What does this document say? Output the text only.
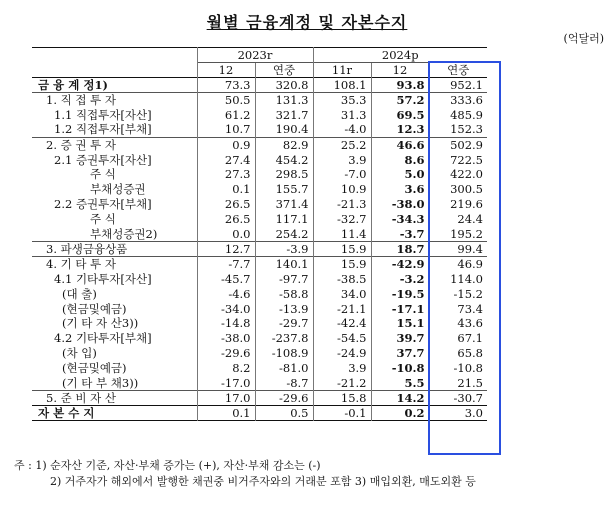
월별 금융계정 및 자본수지
(억달러)
	2023r		2024p		
	12	연중	11r	12	연중
금 융 계 정1)	73.3	320.8	108.1	93.8	952.1
1. 직 접 투 자	50.5	131.3	35.3	57.2	333.6
1.1 직접투자[자산]	61.2	321.7	31.3	69.5	485.9
1.2 직접투자[부채]	10.7	190.4	-4.0	12.3	152.3
2. 증 권 투 자	0.9	82.9	25.2	46.6	502.9
2.1 증권투자[자산]	27.4	454.2	3.9	8.6	722.5
주 식	27.3	298.5	-7.0	5.0	422.0
부채성증권	0.1	155.7	10.9	3.6	300.5
2.2 증권투자[부채]	26.5	371.4	-21.3	-38.0	219.6
주 식	26.5	117.1	-32.7	-34.3	24.4
부채성증권2)	0.0	254.2	11.4	-3.7	195.2
3. 파생금융상품	12.7	-3.9	15.9	18.7	99.4
4. 기 타 투 자	-7.7	140.1	15.9	-42.9	46.9
4.1 기타투자[자산]	-45.7	-97.7	-38.5	-3.2	114.0
(대 출)	-4.6	-58.8	34.0	-19.5	-15.2
(현금및예금)	-34.0	-13.9	-21.1	-17.1	73.4
(기 타 자 산3))	-14.8	-29.7	-42.4	15.1	43.6
4.2 기타투자[부채]	-38.0	-237.8	-54.5	39.7	67.1
(차 입)	-29.6	-108.9	-24.9	37.7	65.8
(현금및예금)	8.2	-81.0	3.9	-10.8	-10.8
(기 타 부 채3))	-17.0	-8.7	-21.2	5.5	21.5
5. 준 비 자 산	17.0	-29.6	15.8	14.2	-30.7
자 본 수 지	0.1	0.5	-0.1	0.2	3.0
주 : 1) 순자산 기준, 자산·부채 증가는 (+), 자산·부채 감소는 (-)
2) 거주자가 해외에서 발행한 채권중 비거주자와의 거래분 포함 3) 매입외환, 매도외환 등
